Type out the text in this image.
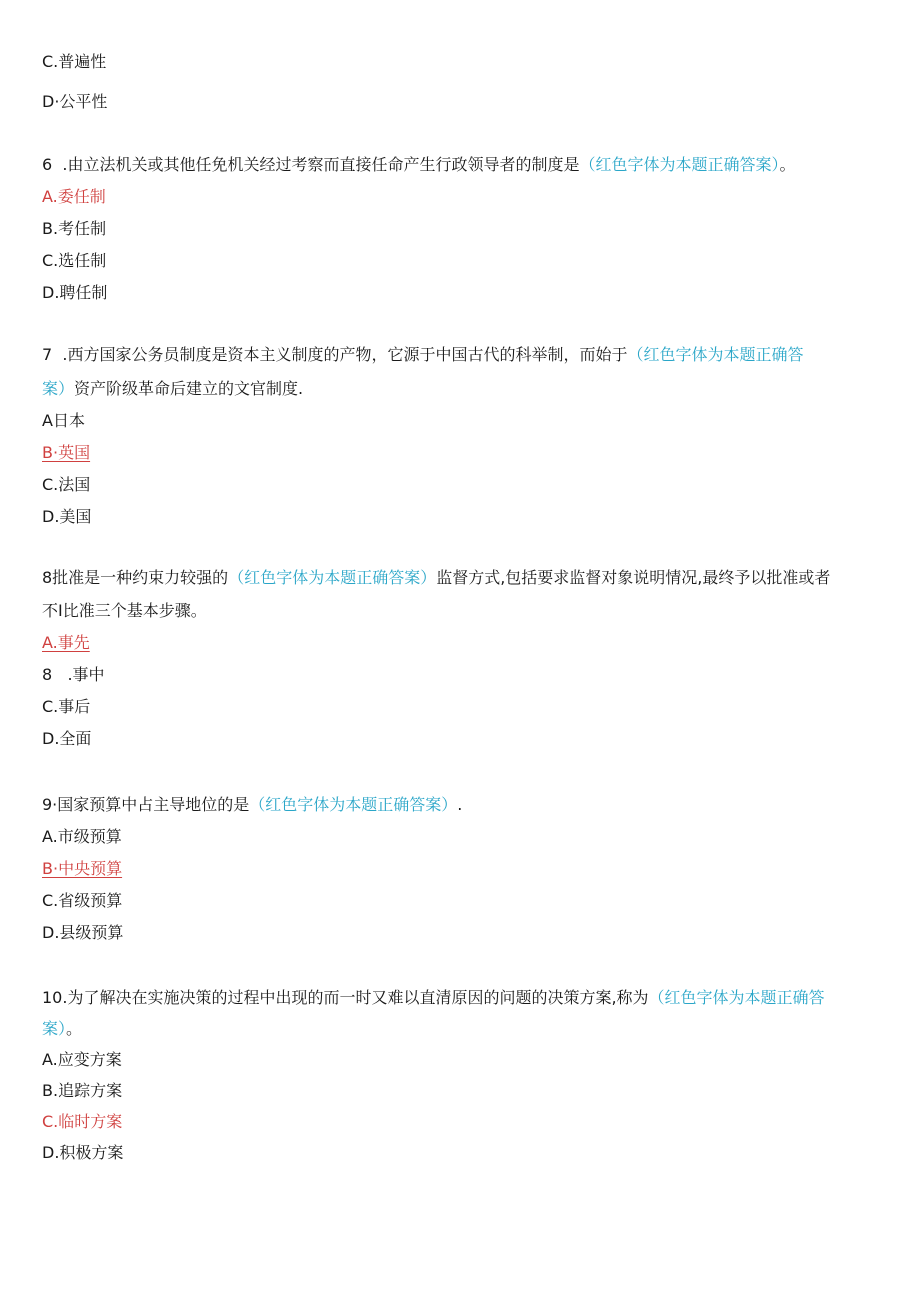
C.普遍性
D·公平性
6 .由立法机关或其他任免机关经过考察而直接任命产生行政领导者的制度是（红色字体为本题正确答案）。
A.委任制
B.考任制
C.选任制
D.聘任制
7 .西方国家公务员制度是资本主义制度的产物，它源于中国古代的科举制，而始于（红色字体为本题正确答
案）资产阶级革命后建立的文官制度.
A日本
B·英国
C.法国
D.美国
8批准是一种约束力较强的（红色字体为本题正确答案）监督方式,包括要求监督对象说明情况,最终予以批准或者
不I比准三个基本步骤。
A.事先
8   .事中
C.事后
D.全面
9·国家预算中占主导地位的是（红色字体为本题正确答案）.
A.市级预算
B·中央预算
C.省级预算
D.县级预算
10.为了解决在实施决策的过程中出现的而一时又难以直清原因的问题的决策方案,称为（红色字体为本题正确答
案）。
A.应变方案
B.追踪方案
C.临时方案
D.积极方案
